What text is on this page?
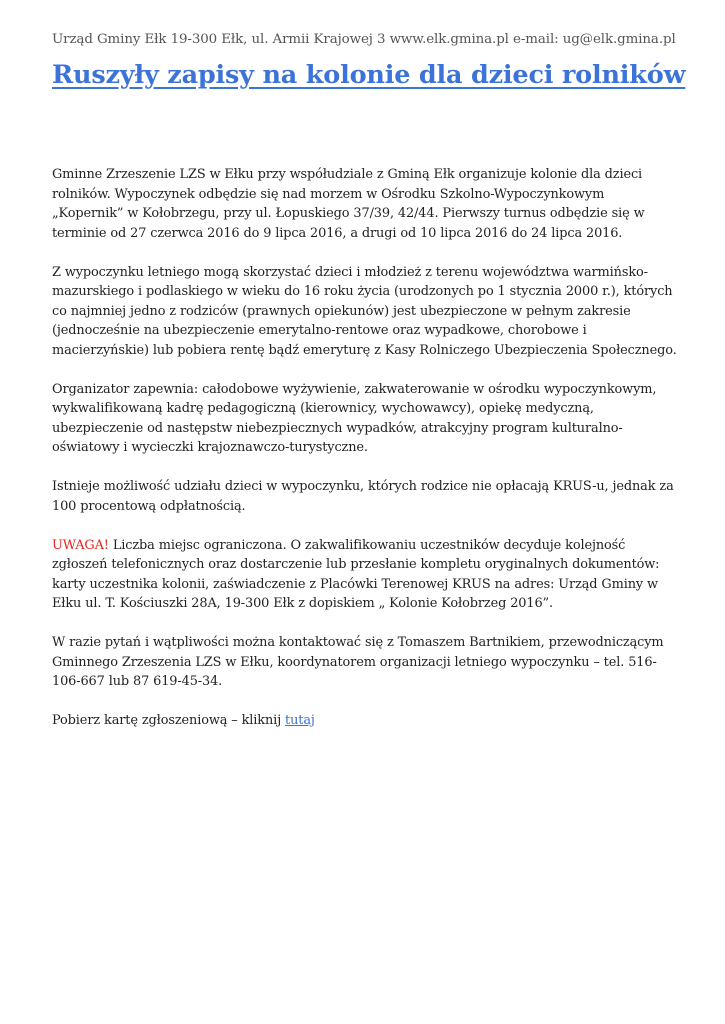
Urząd Gminy Ełk 19-300 Ełk, ul. Armii Krajowej 3 www.elk.gmina.pl e-mail: ug@elk.gmina.pl
Ruszyły zapisy na kolonie dla dzieci rolników

Gminne Zrzeszenie LZS w Ełku przy współudziale z Gminą Ełk organizuje kolonie dla dzieci rolników. Wypoczynek odbędzie się nad morzem w Ośrodku Szkolno-Wypoczynkowym „Kopernik” w Kołobrzegu, przy ul. Łopuskiego 37/39, 42/44. Pierwszy turnus odbędzie się w terminie od 27 czerwca 2016 do 9 lipca 2016, a drugi od 10 lipca 2016 do 24 lipca 2016.

Z wypoczynku letniego mogą skorzystać dzieci i młodzież z terenu województwa warmińsko-mazurskiego i podlaskiego w wieku do 16 roku życia (urodzonych po 1 stycznia 2000 r.), których co najmniej jedno z rodziców (prawnych opiekunów) jest ubezpieczone w pełnym zakresie (jednocześnie na ubezpieczenie emerytalno-rentowe oraz wypadkowe, chorobowe i macierzyńskie) lub pobiera rentę bądź emeryturę z Kasy Rolniczego Ubezpieczenia Społecznego.

Organizator zapewnia: całodobowe wyżywienie, zakwaterowanie w ośrodku wypoczynkowym, wykwalifikowaną kadrę pedagogiczną (kierownicy, wychowawcy), opiekę medyczną, ubezpieczenie od następstw niebezpiecznych wypadków, atrakcyjny program kulturalno-oświatowy i wycieczki krajoznawczo-turystyczne.

Istnieje możliwość udziału dzieci w wypoczynku, których rodzice nie opłacają KRUS-u, jednak za 100 procentową odpłatnością.

UWAGA! Liczba miejsc ograniczona. O zakwalifikowaniu uczestników decyduje kolejność zgłoszeń telefonicznych oraz dostarczenie lub przesłanie kompletu oryginalnych dokumentów: karty uczestnika kolonii, zaświadczenie z Placówki Terenowej KRUS na adres: Urząd Gminy w Ełku ul. T. Kościuszki 28A, 19-300 Ełk z dopiskiem „ Kolonie Kołobrzeg 2016”.

W razie pytań i wątpliwości można kontaktować się z Tomaszem Bartnikiem, przewodniczącym Gminnego Zrzeszenia LZS w Ełku, koordynatorem organizacji letniego wypoczynku – tel. 516-106-667 lub 87 619-45-34.

Pobierz kartę zgłoszeniową – kliknij tutaj
